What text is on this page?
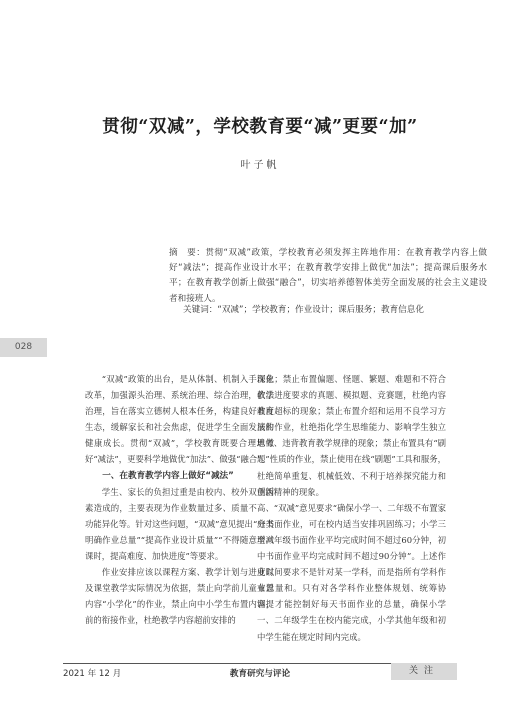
贯彻“双减”，学校教育要“减”更要“加”
叶子帆
摘　要：贯彻“双减”政策，学校教育必须发挥主阵地作用：在教育教学内容上做好“减法”；提高作业设计水平；在教育教学安排上做优“加法”；提高课后服务水平；在教育教学创新上做强“融合”，切实培养德智体美劳全面发展的社会主义建设者和接班人。
关键词：“双减”；学校教育；作业设计；课后服务；教育信息化
028

“双减”政策的出台，是从体制、机制入手深化改革，加强源头治理、系统治理、综合治理，依法治理，旨在落实立德树人根本任务，构建良好教育生态，缓解家长和社会焦虑，促进学生全面发展和健康成长。贯彻“双减”，学校教育既要合理地做好“减法”，更要科学地做优“加法”、做强“融合”。

一、在教育教学内容上做好“减法”

学生、家长的负担过重是由校内、校外双重因素造成的，主要表现为作业数量过多、质量不高、功能异化等。针对这些问题，“双减”意见提出“分类明确作业总量”“提高作业设计质量”“不得随意增减课时，提高难度、加快进度”等要求。

作业安排应该以课程方案、教学计划与进度以及课堂教学实际情况为依据，禁止向学前儿童布置内容“小学化”的作业，禁止向中小学生布置内容提前的衔接作业，杜绝教学内容超前安排的

现象；禁止布置偏题、怪题、繁题、难题和不符合教学进度要求的真题、模拟题、竞赛题，杜绝内容难度超标的现象；禁止布置介绍和运用不良学习方法的作业，杜绝指化学生思维能力、影响学生独立思考、违背教育教学规律的现象；禁止布置具有“刷题”性质的作业，禁止使用在线“刷题”工具和服务，杜绝简单重复、机械低效、不利于培养探究能力和创新精神的现象。

“双减”意见要求“确保小学一、二年级不布置家庭书面作业，可在校内适当安排巩固练习；小学三至六年级书面作业平均完成时间不超过60分钟，初中书面作业平均完成时间不超过90分钟”。上述作业时间要求不是针对某一学科，而是指所有学科作业总量和。只有对各学科作业整体规划、统筹协调，才能控制好每天书面作业的总量，确保小学一、二年级学生在校内能完成，小学其他年级和初中学生能在规定时间内完成。

2021 年 12 月	教育研究与评论	关注
